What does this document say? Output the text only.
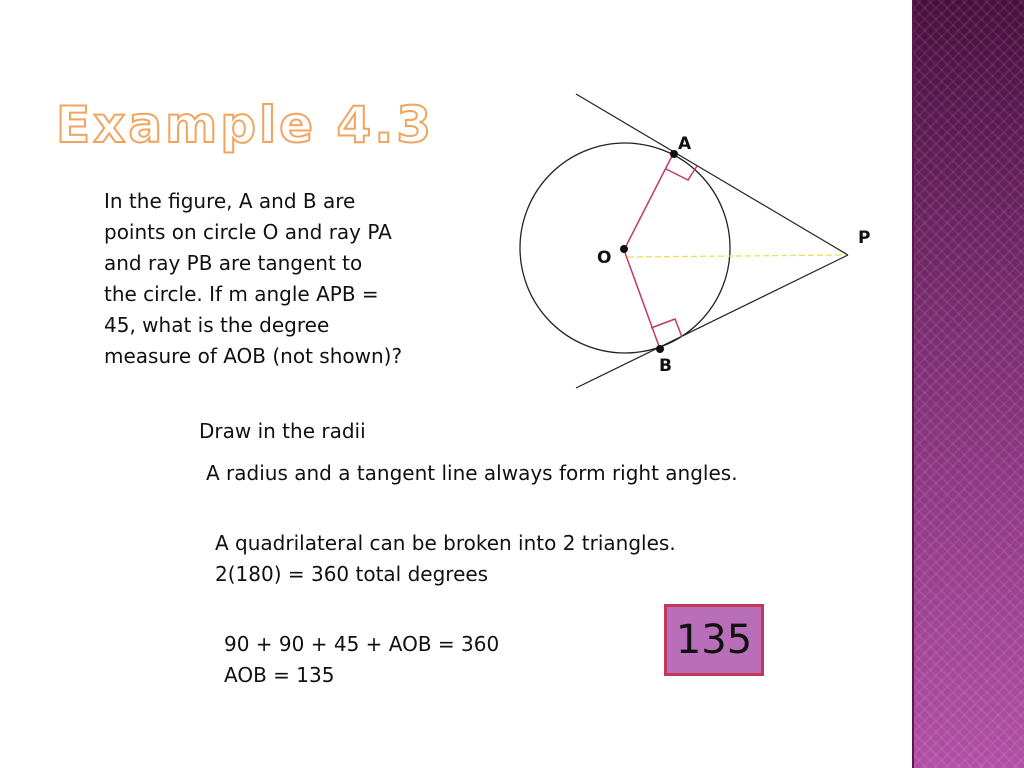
Example 4.3
In the figure, A and B are
points on circle O and ray PA
and ray PB are tangent to
the circle. If m angle APB =
45, what is the degree
measure of AOB (not shown)?
A
O
P
B
Draw in the radii
A radius and a tangent line always form right angles.
A quadrilateral can be broken into 2 triangles.
2(180) = 360 total degrees
90 + 90 + 45 + AOB = 360
AOB = 135
135
